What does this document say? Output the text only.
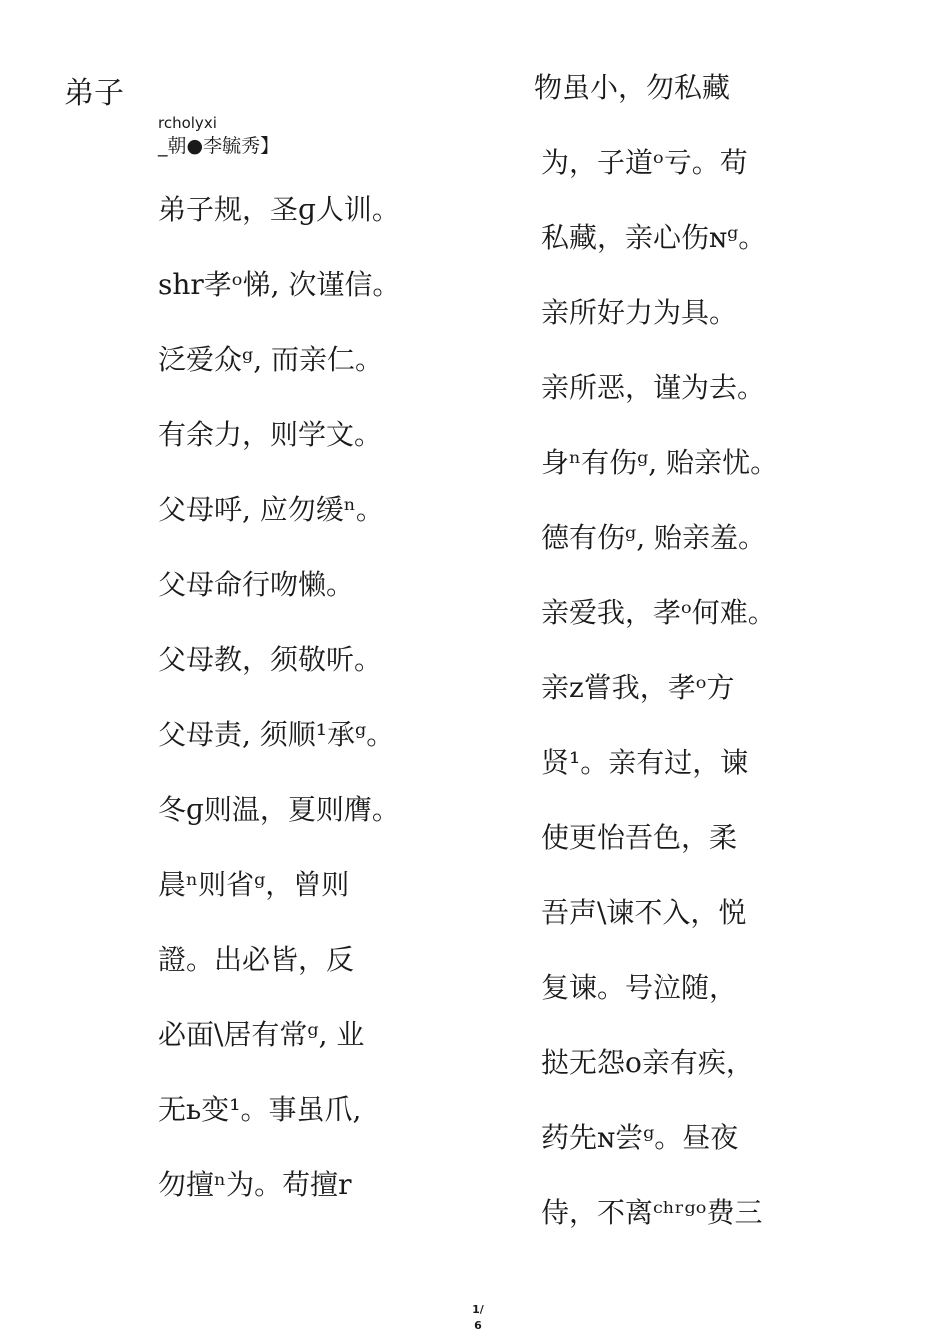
弟子
rcholyxi
_朝●李毓秀】
弟子规，圣ɡ人训。
shr孝ᵒ悌, 次谨信。
泛爱众ᵍ, 而亲仁。
有余力，则学文。
父母呼, 应勿缓ⁿ。
父母命行吻懒。
父母教，须敬听。
父母责, 须顺¹承ᵍ。
冬ɡ则温，夏则膺。
晨ⁿ则省ᵍ，曾则
證。出必皆，反
必面\居有常ᵍ, 业
无ь变¹。事虽爪,
勿擅ⁿ为。苟擅r
物虽小，勿私藏
为，子道ᵒ亏。苟
私藏，亲心伤ɴᵍ。
亲所好力为具。
亲所恶，谨为去。
身ⁿ有伤ᵍ, 贻亲忧。
德有伤ᵍ, 贻亲羞。
亲爱我，孝ᵒ何难。
亲z嘗我，孝ᵒ方
贤¹。亲有过，谏
使更怡吾色，柔
吾声\谏不入，悦
复谏。号泣随，
挞无怨o亲有疾，
药先ɴ尝ᵍ。昼夜
侍，不离ᶜʰʳᵍᵒ费三
1/
6
